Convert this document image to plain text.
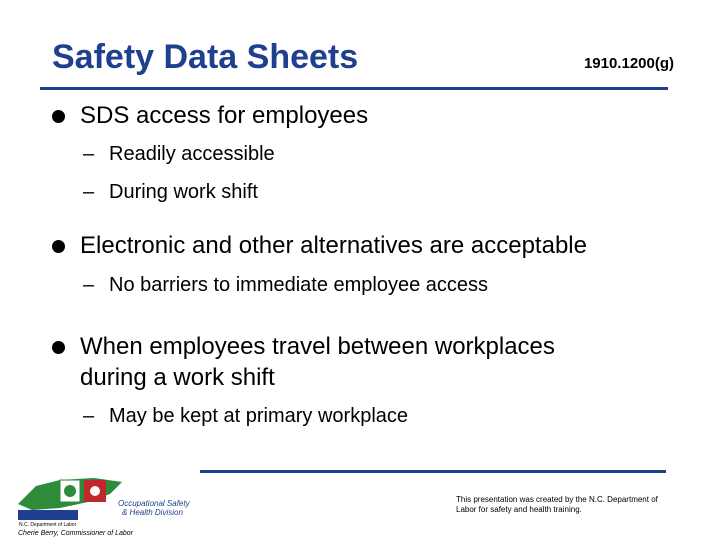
Safety Data Sheets	1910.1200(g)
SDS access for employees
– Readily accessible
– During work shift
Electronic and other alternatives are acceptable
– No barriers to immediate employee access
When employees travel between workplaces
during a work shift
– May be kept at primary workplace
NCDOL
N.C. Department of Labor
Occupational Safety
& Health Division
Cherie Berry, Commissioner of Labor
This presentation was created by the N.C. Department of Labor for safety and health training.
